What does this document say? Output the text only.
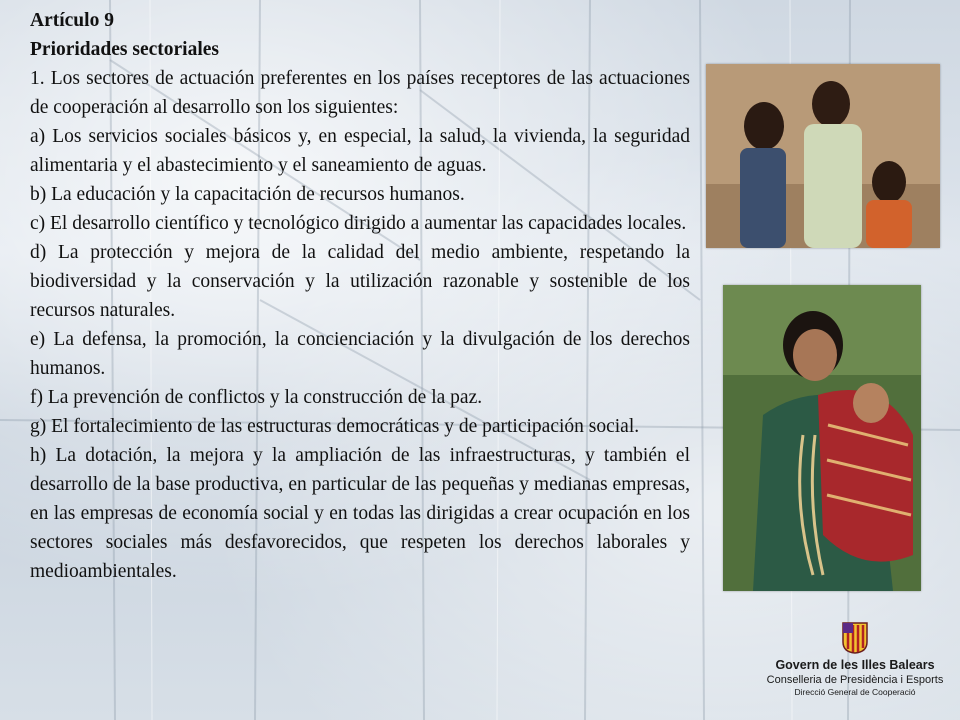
Artículo 9
Prioridades sectoriales

1. Los sectores de actuación preferentes en los países receptores de las actuaciones de cooperación al desarrollo son los siguientes:

a) Los servicios sociales básicos y, en especial, la salud, la vivienda, la seguridad alimentaria y el abastecimiento y el saneamiento de aguas.

b) La educación y la capacitación de recursos humanos.

c) El desarrollo científico y tecnológico dirigido a aumentar las capacidades locales.

d) La protección y mejora de la calidad del medio ambiente, respetando la biodiversidad y la conservación y la utilización razonable y sostenible de los recursos naturales.

e) La defensa, la promoción, la concienciación y la divulgación de los derechos humanos.

f) La prevención de conflictos y la construcción de la paz.

g) El fortalecimiento de las estructuras democráticas y de participación social.

h) La dotación, la mejora y la ampliación de las infraestructuras, y también el desarrollo de la base productiva, en particular de las pequeñas y medianas empresas, en las empresas de economía social y en todas las dirigidas a crear ocupación en los sectores sociales más desfavorecidos, que respeten los derechos laborales y medioambientales.

Govern de les Illes Balears
Conselleria de Presidència i Esports
Direcció General de Cooperació
